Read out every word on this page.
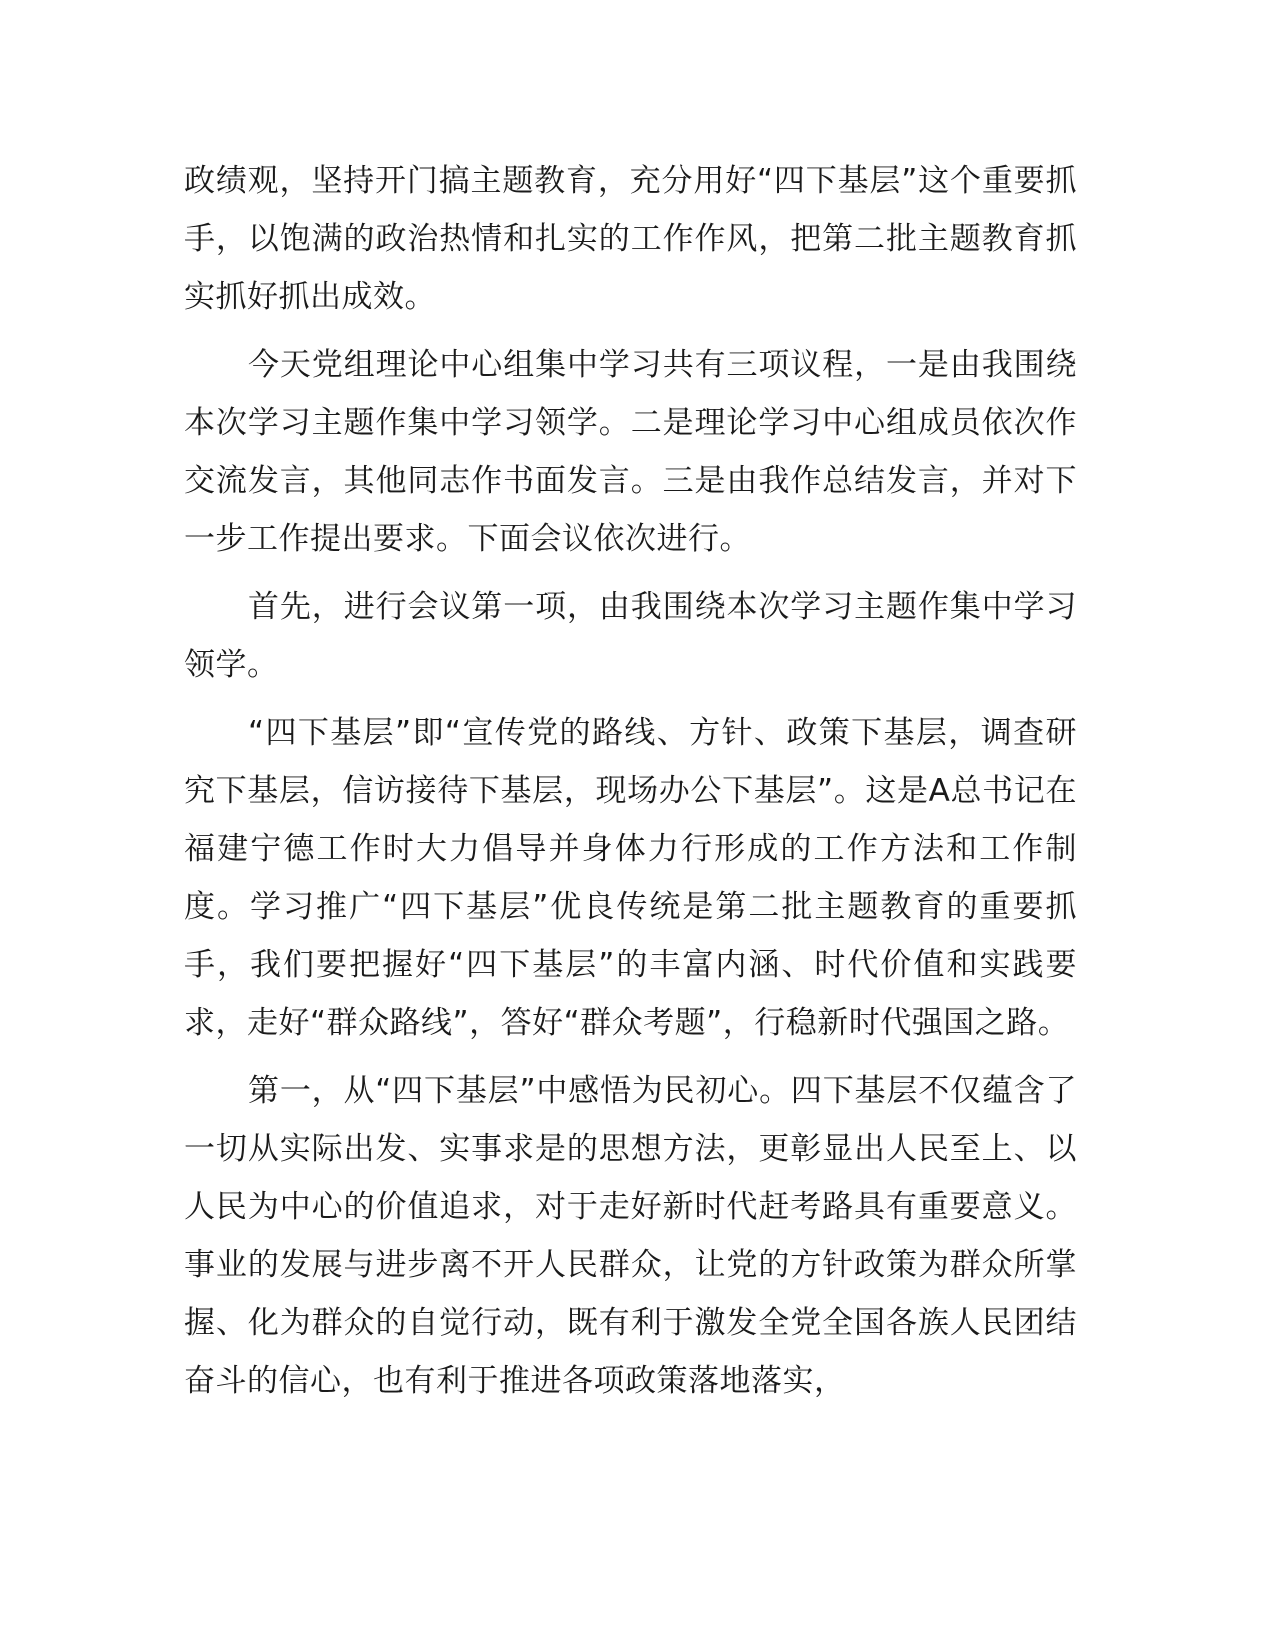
政绩观，坚持开门搞主题教育，充分用好“四下基层”这个重要抓手，以饱满的政治热情和扎实的工作作风，把第二批主题教育抓实抓好抓出成效。

今天党组理论中心组集中学习共有三项议程，一是由我围绕本次学习主题作集中学习领学。二是理论学习中心组成员依次作交流发言，其他同志作书面发言。三是由我作总结发言，并对下一步工作提出要求。下面会议依次进行。

首先，进行会议第一项，由我围绕本次学习主题作集中学习领学。

“四下基层”即“宣传党的路线、方针、政策下基层，调查研究下基层，信访接待下基层，现场办公下基层”。这是A总书记在福建宁德工作时大力倡导并身体力行形成的工作方法和工作制度。学习推广“四下基层”优良传统是第二批主题教育的重要抓手，我们要把握好“四下基层”的丰富内涵、时代价值和实践要求，走好“群众路线”，答好“群众考题”，行稳新时代强国之路。

第一，从“四下基层”中感悟为民初心。四下基层不仅蕴含了一切从实际出发、实事求是的思想方法，更彰显出人民至上、以人民为中心的价值追求，对于走好新时代赶考路具有重要意义。事业的发展与进步离不开人民群众，让党的方针政策为群众所掌握、化为群众的自觉行动，既有利于激发全党全国各族人民团结奋斗的信心，也有利于推进各项政策落地落实，
